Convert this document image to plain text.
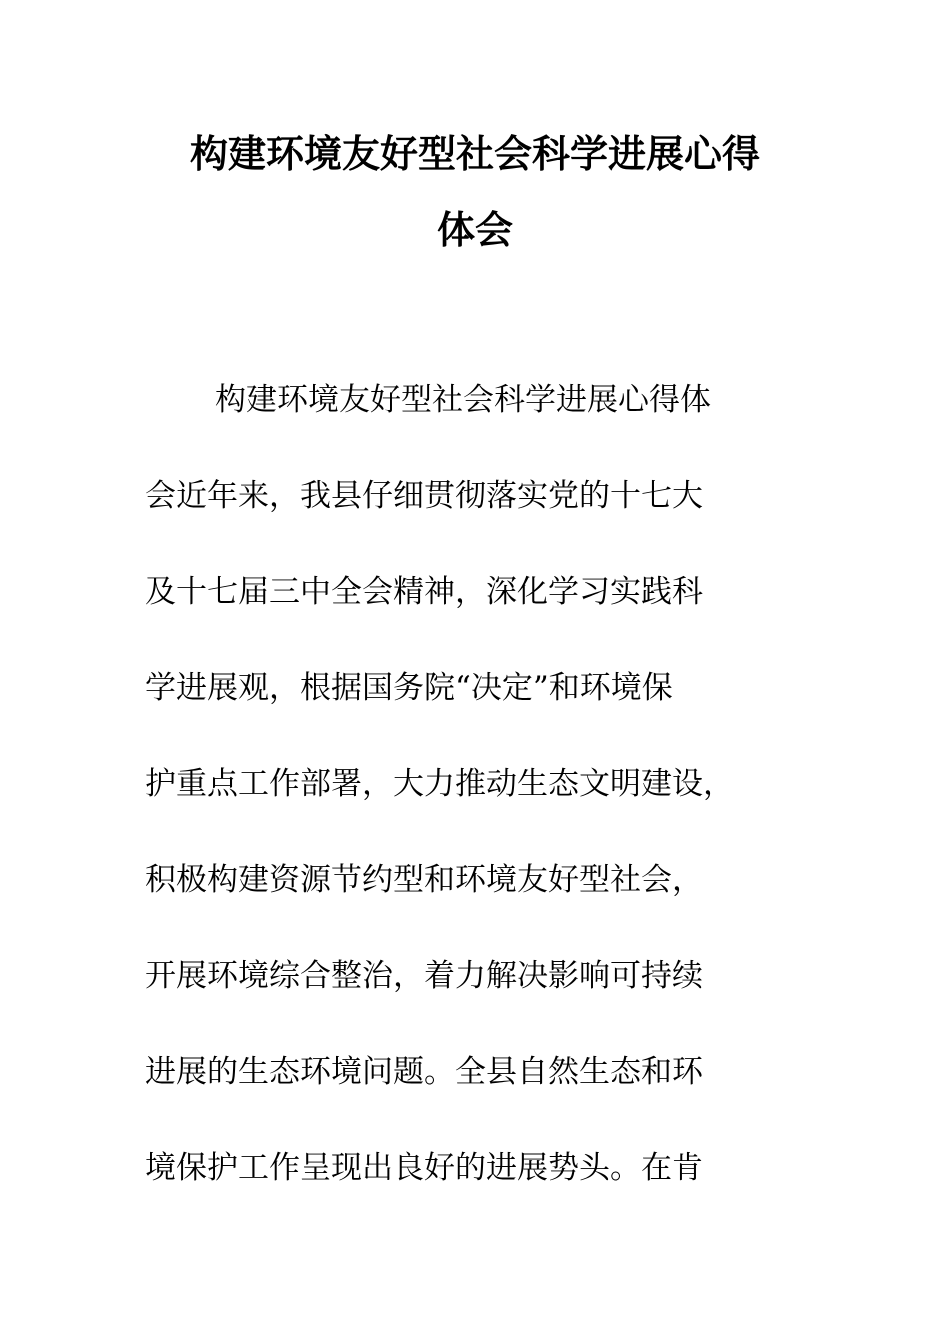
构建环境友好型社会科学进展心得
体会
构建环境友好型社会科学进展心得体
会近年来，我县仔细贯彻落实党的十七大
及十七届三中全会精神，深化学习实践科
学进展观，根据国务院“决定”和环境保
护重点工作部署，大力推动生态文明建设，
积极构建资源节约型和环境友好型社会，
开展环境综合整治，着力解决影响可持续
进展的生态环境问题。全县自然生态和环
境保护工作呈现出良好的进展势头。在肯
